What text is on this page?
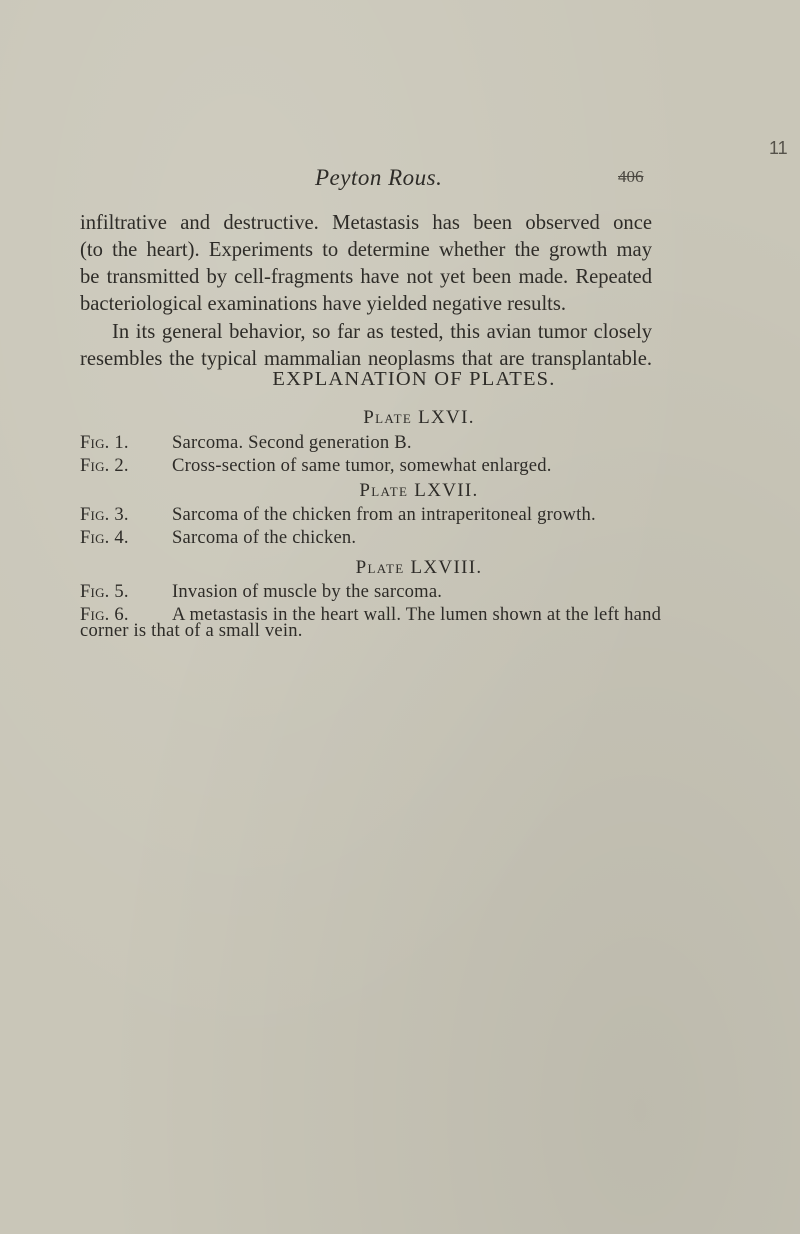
11
Peyton Rous.	406
infiltrative and destructive. Metastasis has been observed once
(to the heart). Experiments to determine whether the growth may
be transmitted by cell-fragments have not yet been made. Repeated
bacteriological examinations have yielded negative results.
In its general behavior, so far as tested, this avian tumor closely
resembles the typical mammalian neoplasms that are transplantable.
EXPLANATION OF PLATES.
Plate LXVI.
Fig. 1. Sarcoma. Second generation B.
Fig. 2. Cross-section of same tumor, somewhat enlarged.
Plate LXVII.
Fig. 3. Sarcoma of the chicken from an intraperitoneal growth.
Fig. 4. Sarcoma of the chicken.
Plate LXVIII.
Fig. 5. Invasion of muscle by the sarcoma.
Fig. 6. A metastasis in the heart wall. The lumen shown at the left hand
corner is that of a small vein.
